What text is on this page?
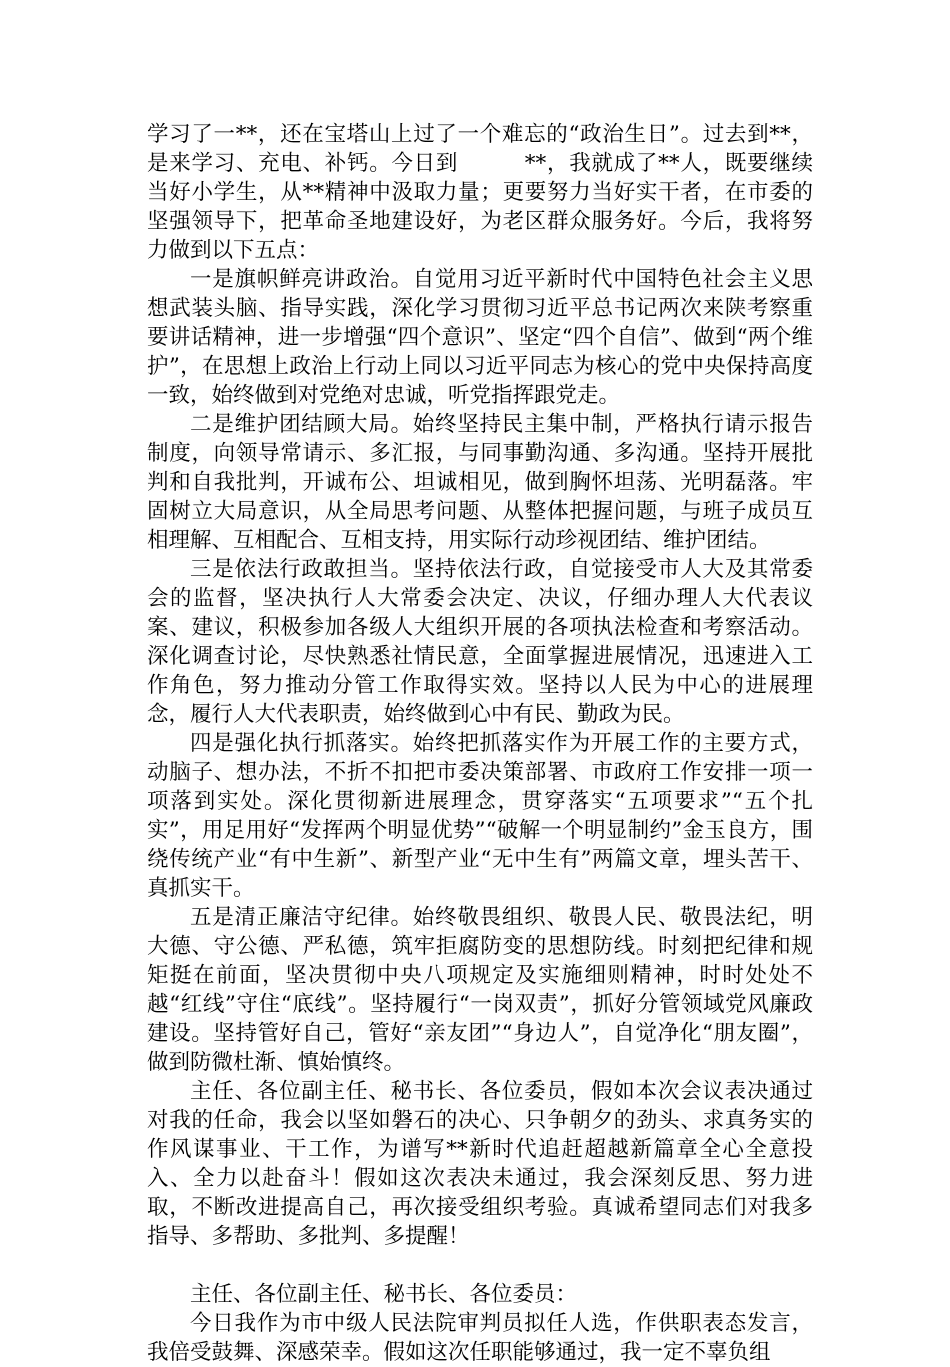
学习了一**，还在宝塔山上过了一个难忘的“政治生日”。过去到**，是来学习、充电、补钙。今日到　　　**，我就成了**人，既要继续当好小学生，从**精神中汲取力量；更要努力当好实干者，在市委的坚强领导下，把革命圣地建设好，为老区群众服务好。今后，我将努力做到以下五点：

一是旗帜鲜亮讲政治。自觉用习近平新时代中国特色社会主义思想武装头脑、指导实践，深化学习贯彻习近平总书记两次来陕考察重要讲话精神，进一步增强“四个意识”、坚定“四个自信”、做到“两个维护”，在思想上政治上行动上同以习近平同志为核心的党中央保持高度一致，始终做到对党绝对忠诚，听党指挥跟党走。

二是维护团结顾大局。始终坚持民主集中制，严格执行请示报告制度，向领导常请示、多汇报，与同事勤沟通、多沟通。坚持开展批判和自我批判，开诚布公、坦诚相见，做到胸怀坦荡、光明磊落。牢固树立大局意识，从全局思考问题、从整体把握问题，与班子成员互相理解、互相配合、互相支持，用实际行动珍视团结、维护团结。

三是依法行政敢担当。坚持依法行政，自觉接受市人大及其常委会的监督，坚决执行人大常委会决定、决议，仔细办理人大代表议案、建议，积极参加各级人大组织开展的各项执法检查和考察活动。深化调查讨论，尽快熟悉社情民意，全面掌握进展情况，迅速进入工作角色，努力推动分管工作取得实效。坚持以人民为中心的进展理念，履行人大代表职责，始终做到心中有民、勤政为民。

四是强化执行抓落实。始终把抓落实作为开展工作的主要方式，动脑子、想办法，不折不扣把市委决策部署、市政府工作安排一项一项落到实处。深化贯彻新进展理念，贯穿落实“五项要求”“五个扎实”，用足用好“发挥两个明显优势”“破解一个明显制约”金玉良方，围绕传统产业“有中生新”、新型产业“无中生有”两篇文章，埋头苦干、真抓实干。

五是清正廉洁守纪律。始终敬畏组织、敬畏人民、敬畏法纪，明大德、守公德、严私德，筑牢拒腐防变的思想防线。时刻把纪律和规矩挺在前面，坚决贯彻中央八项规定及实施细则精神，时时处处不越“红线”守住“底线”。坚持履行“一岗双责”，抓好分管领域党风廉政建设。坚持管好自己，管好“亲友团”“身边人”，自觉净化“朋友圈”，做到防微杜渐、慎始慎终。

主任、各位副主任、秘书长、各位委员，假如本次会议表决通过对我的任命，我会以坚如磐石的决心、只争朝夕的劲头、求真务实的作风谋事业、干工作，为谱写**新时代追赶超越新篇章全心全意投入、全力以赴奋斗！假如这次表决未通过，我会深刻反思、努力进取，不断改进提高自己，再次接受组织考验。真诚希望同志们对我多指导、多帮助、多批判、多提醒！

主任、各位副主任、秘书长、各位委员：

今日我作为市中级人民法院审判员拟任人选，作供职表态发言，我倍受鼓舞、深感荣幸。假如这次任职能够通过，我一定不辜负组
